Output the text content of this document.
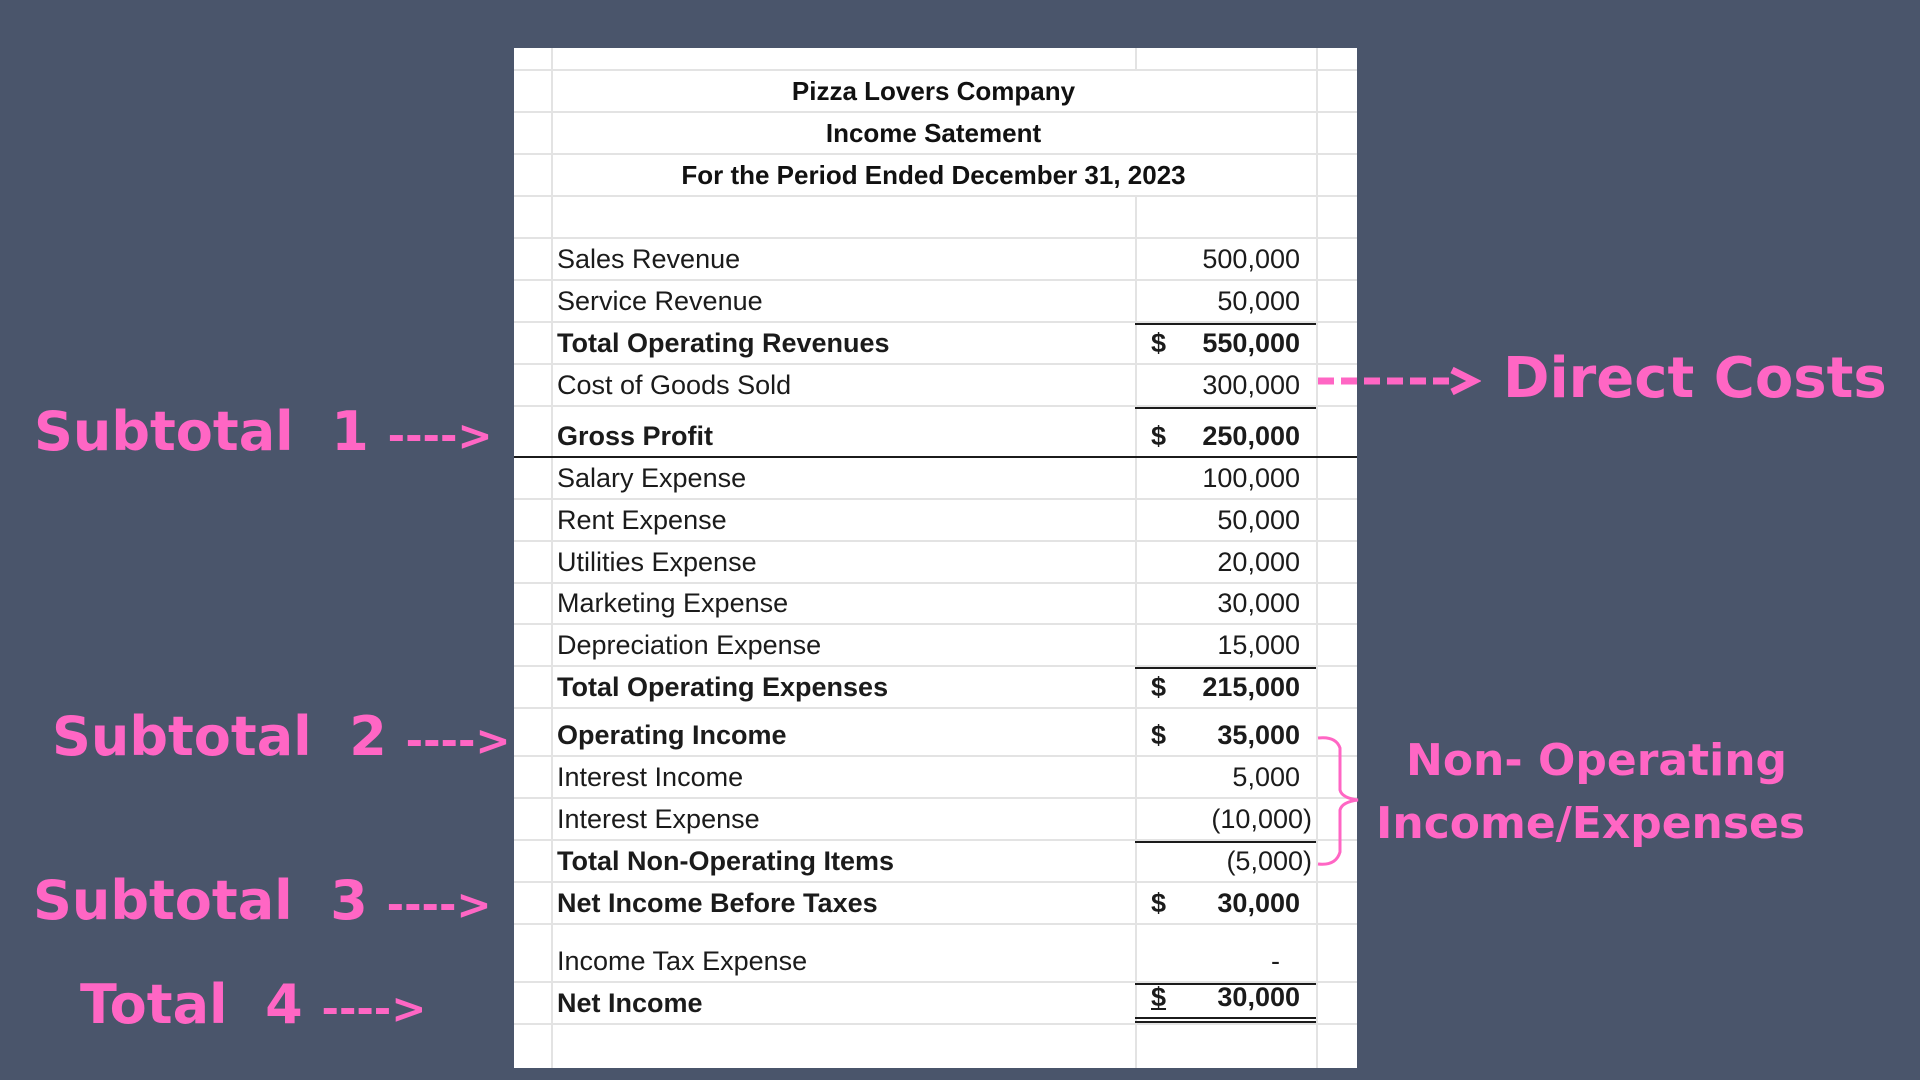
Pizza Lovers Company
Income Satement
For the Period Ended December 31, 2023
Sales Revenue	500,000
Service Revenue	50,000
Total Operating Revenues	$ 550,000
Cost of Goods Sold	300,000
Gross Profit	$ 250,000
Salary Expense	100,000
Rent Expense	50,000
Utilities Expense	20,000
Marketing Expense	30,000
Depreciation Expense	15,000
Total Operating Expenses	$ 215,000
Operating Income	$ 35,000
Interest Income	5,000
Interest Expense	(10,000)
Total Non-Operating Items	(5,000)
Net Income Before Taxes	$ 30,000
Income Tax Expense	-
Net Income	$ 30,000
Subtotal  1 ---->
Subtotal  2 ---->
Subtotal  3 ---->
Total  4 ---->
Direct Costs
Non- Operating
Income/Expenses
